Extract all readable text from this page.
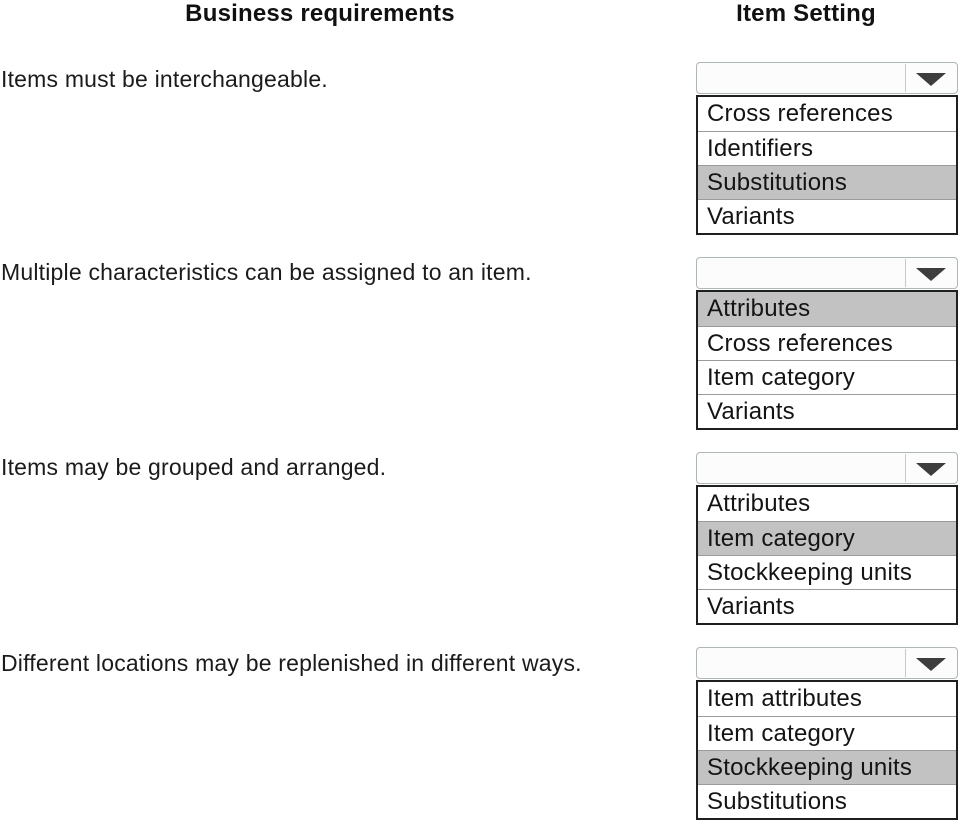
Business requirements	Item Setting
Items must be interchangeable.
Cross references
Identifiers
Substitutions
Variants
Multiple characteristics can be assigned to an item.
Attributes
Cross references
Item category
Variants
Items may be grouped and arranged.
Attributes
Item category
Stockkeeping units
Variants
Different locations may be replenished in different ways.
Item attributes
Item category
Stockkeeping units
Substitutions
